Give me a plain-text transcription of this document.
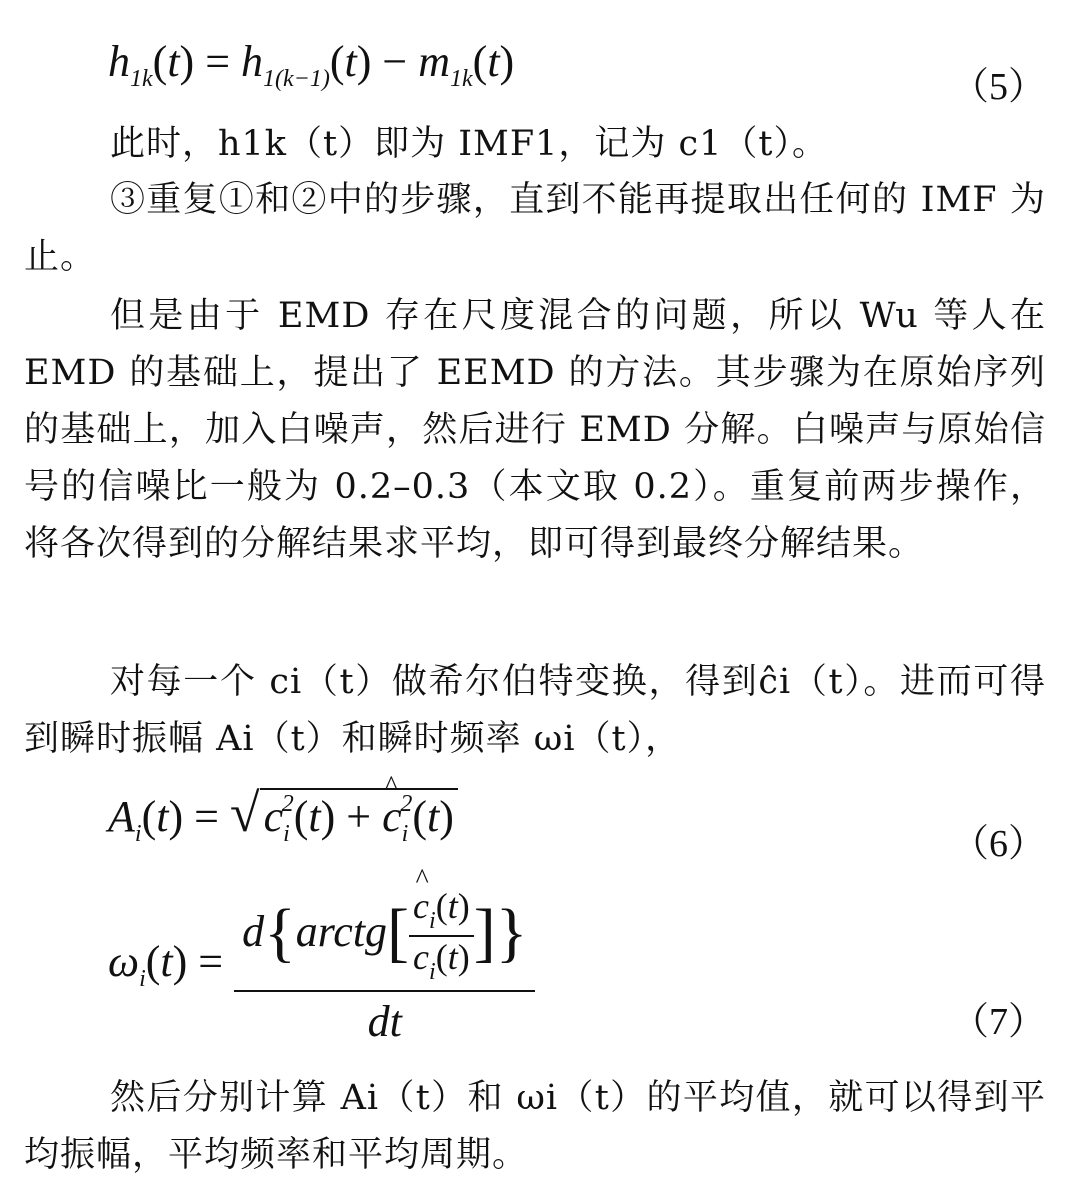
$h_{1k}(t) = h_{1(k-1)}(t) - m_{1k}(t)$
（5）

此时，h1k（t）即为 IMF1，记为 c1（t）。

③重复①和②中的步骤，直到不能再提取出任何的 IMF 为止。

但是由于 EMD 存在尺度混合的问题，所以 Wu 等人在 EMD 的基础上，提出了 EEMD 的方法。其步骤为在原始序列的基础上，加入白噪声，然后进行 EMD 分解。白噪声与原始信号的信噪比一般为 0.2–0.3（本文取 0.2）。重复前两步操作，将各次得到的分解结果求平均，即可得到最终分解结果。

对每一个 ci（t）做希尔伯特变换，得到ĉi（t）。进而可得到瞬时振幅 Ai（t）和瞬时频率 ωi（t），

$A_i(t) = √c_i^2(t)$ + ^ $c_i^2(t)$
（6）
$\omega_i(t)$ = d{arctg[
^ $\frac{c_i(t)}{c_i(t)}$ ]}
dt	（7）

然后分别计算 Ai（t）和 ωi（t）的平均值，就可以得到平均振幅，平均频率和平均周期。
